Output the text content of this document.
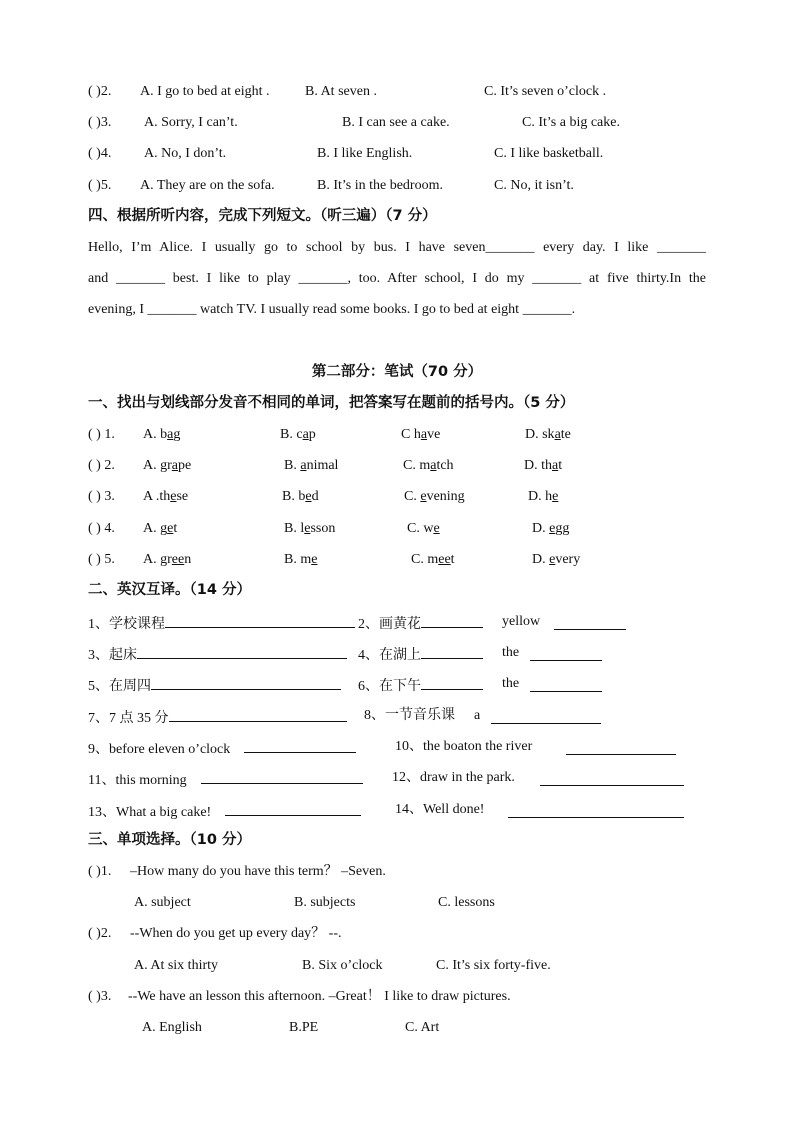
( )2. A. I go to bed at eight .	B. At seven .	C. It’s seven o’clock .
( )3. A. Sorry, I can’t.	B. I can see a cake.	C. It’s a big cake.
( )4. A. No, I don’t.	B. I like English.	C. I like basketball.
( )5. A. They are on the sofa.	B. It’s in the bedroom.	C. No, it isn’t.
四、根据所听内容，完成下列短文。（听三遍）（7 分）
Hello, I’m Alice. I usually go to school by bus. I have seven_______ every day. I like _______
and _______ best. I like to play _______, too. After school, I do my _______ at five thirty.In the
evening, I _______ watch TV. I usually read some books. I go to bed at eight _______.
第二部分：笔试（70 分）
一、找出与划线部分发音不相同的单词，把答案写在题前的括号内。（5 分）
( ) 1. A. bag	B. cap	C have	D. skate
( ) 2. A. grape	B. animal	C. match	D. that
( ) 3. A .these	B. bed	C. evening	D. he
( ) 4. A. get	B. lesson	C. we	D. egg
( ) 5. A. green	B. me	C. meet	D. every
二、英汉互译。（14 分）
1、学校课程	2、画黄花	yellow
3、起床	4、在湖上	the
5、在周四	6、在下午	the
7、7 点 35 分	8、一节音乐课 a
9、before eleven o’clock	10、the boaton the river
11、this morning	12、draw in the park.
13、What a big cake!	14、Well done!
三、单项选择。（10 分）
( )1. –How many do you have this term？ –Seven.
A. subject	B. subjects	C. lessons
( )2. --When do you get up every day？ --.
A. At six thirty	B. Six o’clock	C. It’s six forty-five.
( )3. --We have an lesson this afternoon. –Great！ I like to draw pictures.
A. English	B.PE	C. Art
